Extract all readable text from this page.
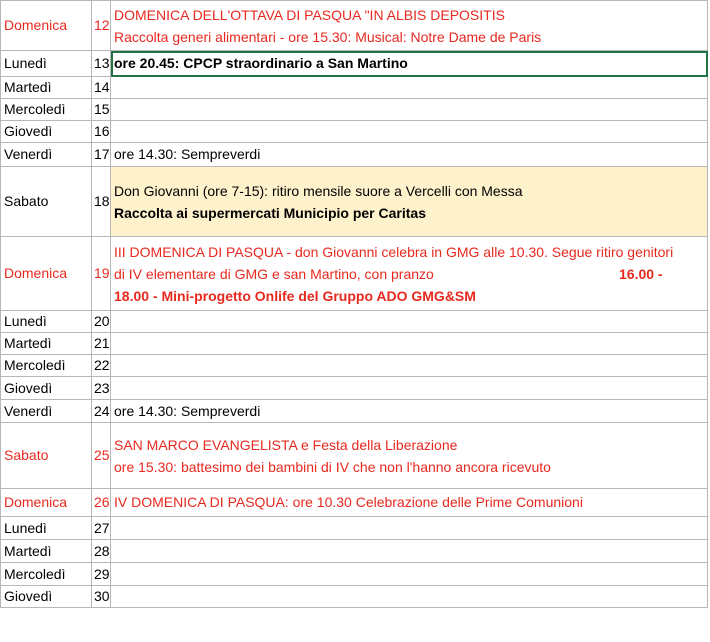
Domenica	12	DOMENICA DELL'OTTAVA DI PASQUA "IN ALBIS DEPOSITIS
Raccolta generi alimentari - ore 15.30: Musical: Notre Dame de Paris

Lunedì	13	ore 20.45: CPCP straordinario a San Martino
Martedì	14	
Mercoledì	15	
Giovedì	16	
Venerdì	17	ore 14.30: Sempreverdi
Sabato	18	Don Giovanni (ore 7-15): ritiro mensile suore a Vercelli con Messa
Raccolta ai supermercati Municipio per Caritas

Domenica	19	III DOMENICA DI PASQUA - don Giovanni celebra in GMG alle 10.30. Segue ritiro genitori
di IV elementare di GMG e san Martino, con pranzo 16.00 -
18.00 - Mini-progetto Onlife del Gruppo ADO GMG&SM

Lunedì	20	
Martedì	21	
Mercoledì	22	
Giovedì	23	
Venerdì	24	ore 14.30: Sempreverdi
Sabato	25	SAN MARCO EVANGELISTA e Festa della Liberazione
ore 15.30: battesimo dei bambini di IV che non l'hanno ancora ricevuto

Domenica	26	IV DOMENICA DI PASQUA: ore 10.30 Celebrazione delle Prime Comunioni
Lunedì	27	
Martedì	28	
Mercoledì	29	
Giovedì	30	
